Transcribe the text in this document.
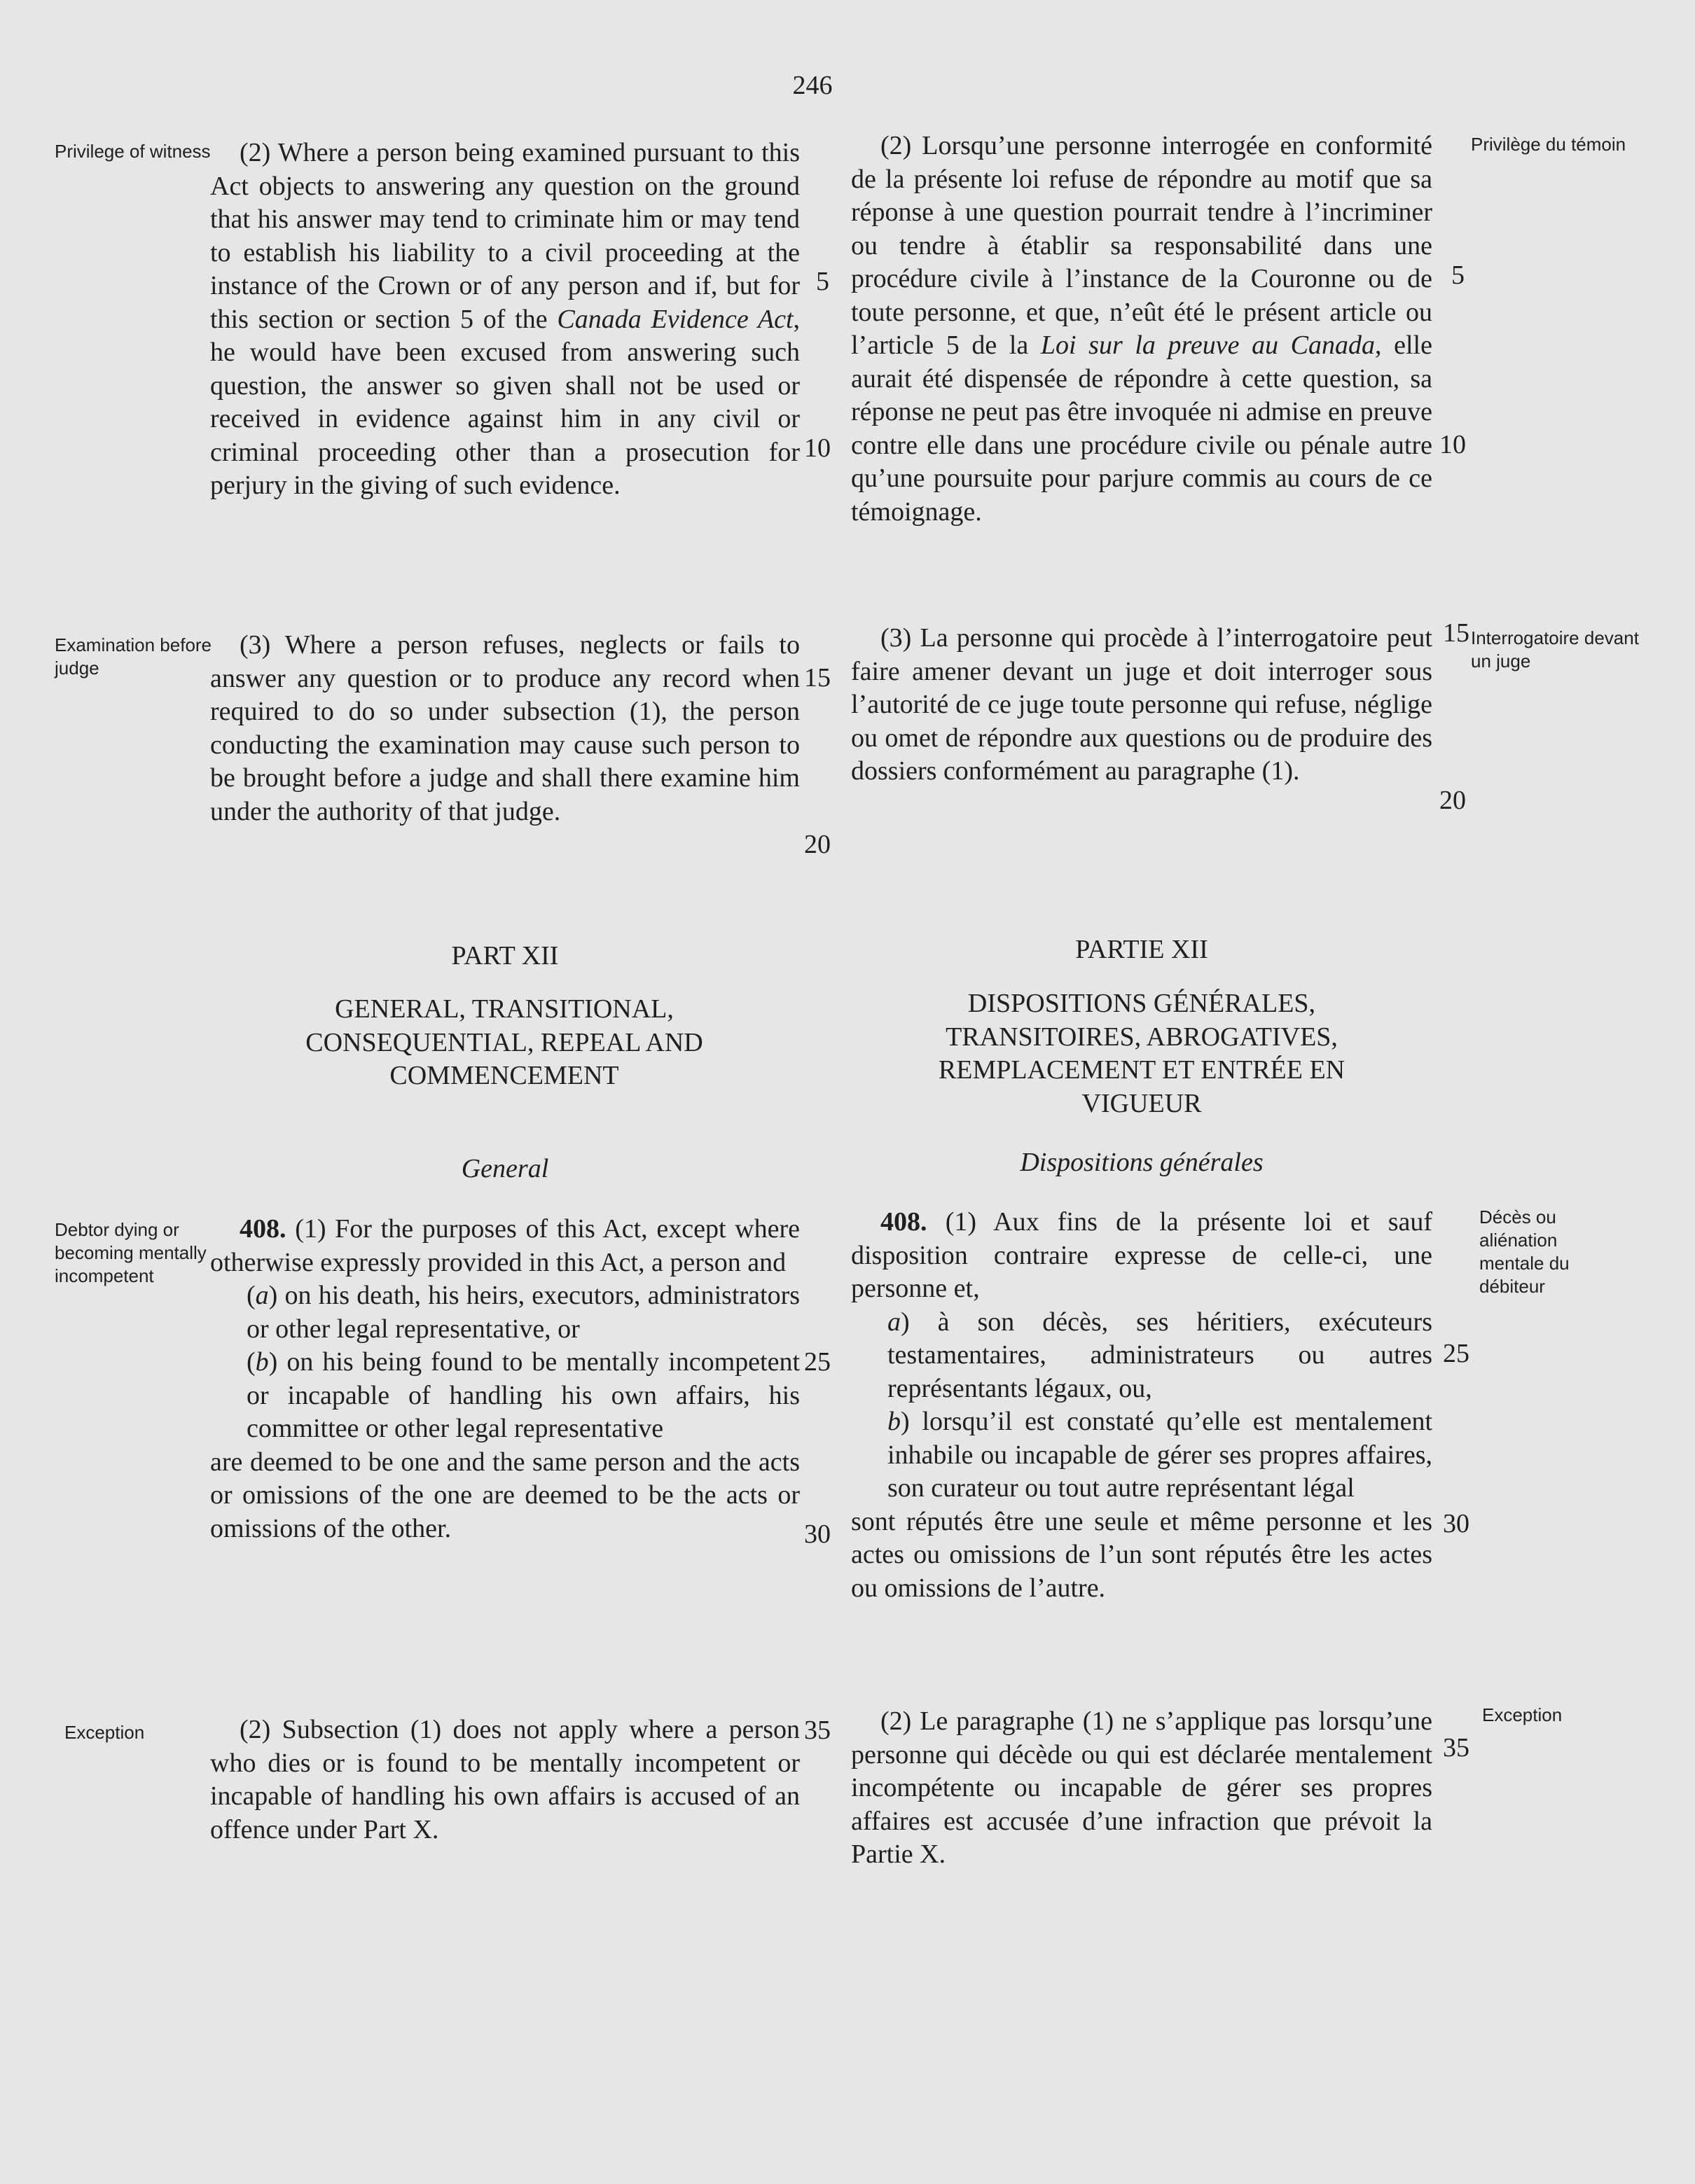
246
Privilege of witness
Examination before judge
Debtor dying or becoming mentally incompetent
Exception
Privilège du témoin
Interrogatoire devant un juge
Décès ou aliénation mentale du débiteur
Exception

(2) Where a person being examined pursuant to this Act objects to answering any question on the ground that his answer may tend to criminate him or may tend to establish his liability to a civil proceeding at the instance of the Crown or of any person and if, but for this section or section 5 of the Canada Evidence Act, he would have been excused from answering such question, the answer so given shall not be used or received in evidence against him in any civil or criminal proceeding other than a prosecution for perjury in the giving of such evidence.

(3) Where a person refuses, neglects or fails to answer any question or to produce any record when required to do so under subsection (1), the person conducting the examination may cause such person to be brought before a judge and shall there examine him under the authority of that judge.

PART XII
GENERAL, TRANSITIONAL, CONSEQUENTIAL, REPEAL AND COMMENCEMENT
General

408. (1) For the purposes of this Act, except where otherwise expressly provided in this Act, a person and

(a) on his death, his heirs, executors, administrators or other legal representative, or

(b) on his being found to be mentally incompetent or incapable of handling his own affairs, his committee or other legal representative

are deemed to be one and the same person and the acts or omissions of the one are deemed to be the acts or omissions of the other.

(2) Subsection (1) does not apply where a person who dies or is found to be mentally incompetent or incapable of handling his own affairs is accused of an offence under Part X.

5
10
15
20
25
30
35

(2) Lorsqu’une personne interrogée en conformité de la présente loi refuse de répondre au motif que sa réponse à une question pourrait tendre à l’incriminer ou tendre à établir sa responsabilité dans une procédure civile à l’instance de la Couronne ou de toute personne, et que, n’eût été le présent article ou l’article 5 de la Loi sur la preuve au Canada, elle aurait été dispensée de répondre à cette question, sa réponse ne peut pas être invoquée ni admise en preuve contre elle dans une procédure civile ou pénale autre qu’une poursuite pour parjure commis au cours de ce témoignage.

(3) La personne qui procède à l’interrogatoire peut faire amener devant un juge et doit interroger sous l’autorité de ce juge toute personne qui refuse, néglige ou omet de répondre aux questions ou de produire des dossiers conformément au paragraphe (1).

PARTIE XII
DISPOSITIONS GÉNÉRALES, TRANSITOIRES, ABROGATIVES, REMPLACEMENT ET ENTRÉE EN VIGUEUR
Dispositions générales

408. (1) Aux fins de la présente loi et sauf disposition contraire expresse de celle-ci, une personne et,

a) à son décès, ses héritiers, exécuteurs testamentaires, administrateurs ou autres représentants légaux, ou,

b) lorsqu’il est constaté qu’elle est mentalement inhabile ou incapable de gérer ses propres affaires, son curateur ou tout autre représentant légal

sont réputés être une seule et même personne et les actes ou omissions de l’un sont réputés être les actes ou omissions de l’autre.

(2) Le paragraphe (1) ne s’applique pas lorsqu’une personne qui décède ou qui est déclarée mentalement incompétente ou incapable de gérer ses propres affaires est accusée d’une infraction que prévoit la Partie X.

5
10
15
20
25
30
35
